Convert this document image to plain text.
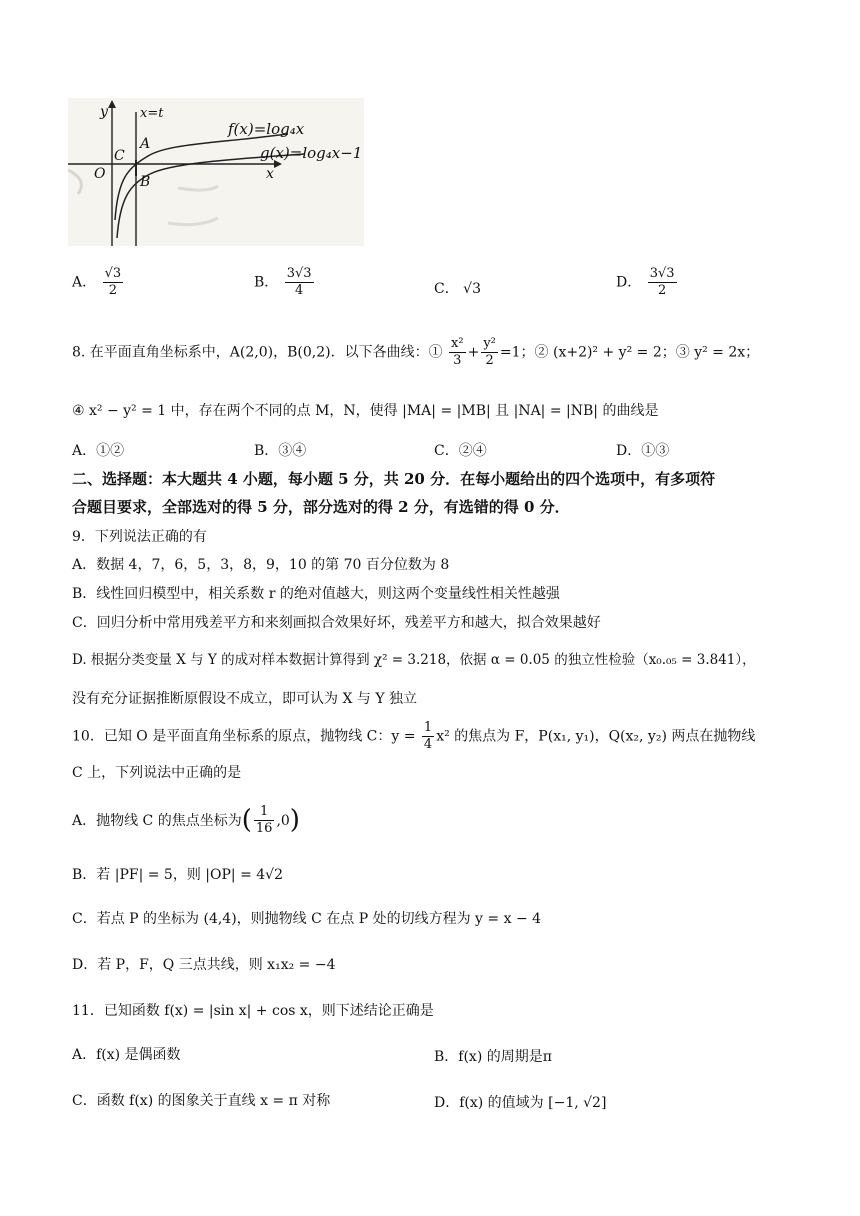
y x=t
f(x)=log₄x
g(x)=log₄x−1
A
C
O B	x
A． $\frac{√3}{2}$	B． $\frac{3√3}{4}$	C． √3	D． $\frac{3√3}{2}$
8. 在平面直角坐标系中，A(2,0)，B(0,2)．以下各曲线：① $\frac{\text{x²}}{3} + \frac{\text{y²}}{2} =1$；② (x+2)² + y² = 2；③ y² = 2x；
④ x² − y² = 1 中，存在两个不同的点 M，N，使得 |MA| = |MB| 且 |NA| = |NB| 的曲线是
A．①②	B．③④	C．②④	D．①③
二、选择题：本大题共 4 小题，每小题 5 分，共 20 分．在每小题给出的四个选项中，有多项符
合题目要求，全部选对的得 5 分，部分选对的得 2 分，有选错的得 0 分．
9．下列说法正确的有
A．数据 4，7，6，5，3，8，9，10 的第 70 百分位数为 8
B．线性回归模型中，相关系数 r 的绝对值越大，则这两个变量线性相关性越强
C．回归分析中常用残差平方和来刻画拟合效果好坏，残差平方和越大，拟合效果越好
D. 根据分类变量 X 与 Y 的成对样本数据计算得到 χ² = 3.218，依据 α = 0.05 的独立性检验（x₀.₀₅ = 3.841），
没有充分证据推断原假设不成立，即可认为 X 与 Y 独立
10．已知 O 是平面直角坐标系的原点，抛物线 C：$y = \frac{1}{4} x^2$ 的焦点为 F，P(x₁, y₁)，Q(x₂, y₂) 两点在抛物线
C 上，下列说法中正确的是
A．抛物线 C 的焦点坐标为( $\frac{1}{16} ,0$)
B．若 |PF| = 5，则 |OP| = 4√2
C．若点 P 的坐标为 (4,4)，则抛物线 C 在点 P 处的切线方程为 y = x − 4
D．若 P，F，Q 三点共线，则 x₁x₂ = −4
11．已知函数 f(x) = |sin x| + cos x，则下述结论正确是
A．f(x) 是偶函数	B．f(x) 的周期是π
C．函数 f(x) 的图象关于直线 x = π 对称	D．f(x) 的值域为 [−1, √2]
